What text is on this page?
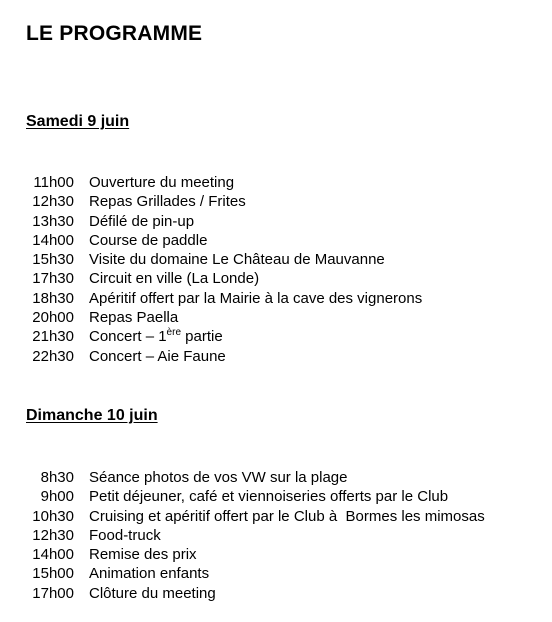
LE PROGRAMME
Samedi 9 juin
11h00 Ouverture du meeting
12h30 Repas Grillades / Frites
13h30 Défilé de pin-up
14h00 Course de paddle
15h30 Visite du domaine Le Château de Mauvanne
17h30 Circuit en ville (La Londe)
18h30 Apéritif offert par la Mairie à la cave des vignerons
20h00 Repas Paella
21h30 Concert – 1ère partie
22h30 Concert – Aie Faune
Dimanche 10 juin
8h30 Séance photos de vos VW sur la plage
9h00 Petit déjeuner, café et viennoiseries offerts par le Club
10h30 Cruising et apéritif offert par le Club à  Bormes les mimosas
12h30 Food-truck
14h00 Remise des prix
15h00 Animation enfants
17h00 Clôture du meeting
